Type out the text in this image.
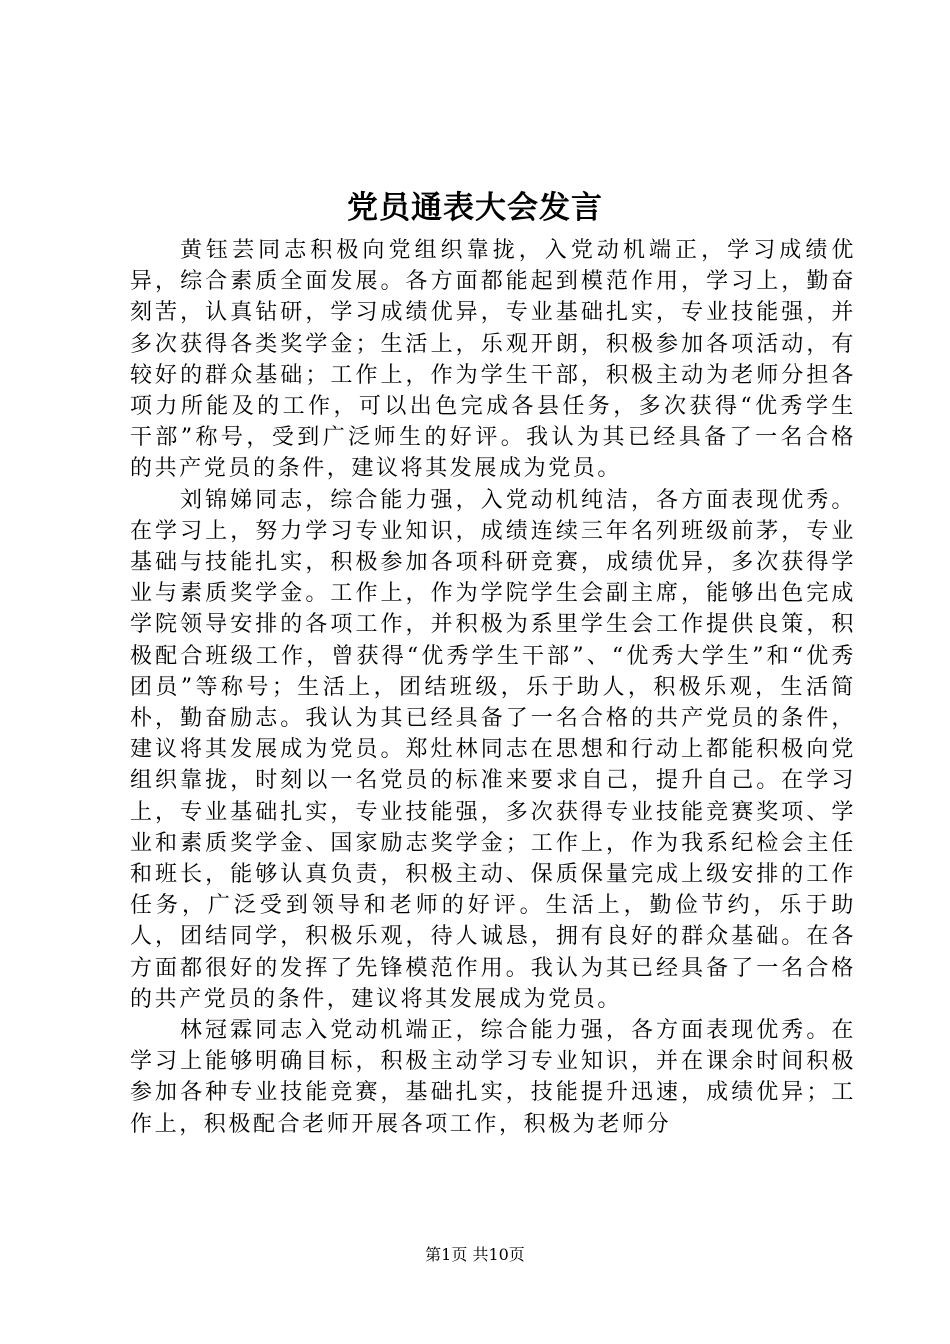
党员通表大会发言

黄钰芸同志积极向党组织靠拢，入党动机端正，学习成绩优异，综合素质全面发展。各方面都能起到模范作用，学习上，勤奋刻苦，认真钻研，学习成绩优异，专业基础扎实，专业技能强，并多次获得各类奖学金；生活上，乐观开朗，积极参加各项活动，有较好的群众基础；工作上，作为学生干部，积极主动为老师分担各项力所能及的工作，可以出色完成各县任务，多次获得“优秀学生干部”称号，受到广泛师生的好评。我认为其已经具备了一名合格的共产党员的条件，建议将其发展成为党员。

刘锦娣同志，综合能力强，入党动机纯洁，各方面表现优秀。在学习上，努力学习专业知识，成绩连续三年名列班级前茅，专业基础与技能扎实，积极参加各项科研竞赛，成绩优异，多次获得学业与素质奖学金。工作上，作为学院学生会副主席，能够出色完成学院领导安排的各项工作，并积极为系里学生会工作提供良策，积极配合班级工作，曾获得“优秀学生干部”、“优秀大学生”和“优秀团员”等称号；生活上，团结班级，乐于助人，积极乐观，生活简朴，勤奋励志。我认为其已经具备了一名合格的共产党员的条件，建议将其发展成为党员。郑灶林同志在思想和行动上都能积极向党组织靠拢，时刻以一名党员的标准来要求自己，提升自己。在学习上，专业基础扎实，专业技能强，多次获得专业技能竞赛奖项、学业和素质奖学金、国家励志奖学金；工作上，作为我系纪检会主任和班长，能够认真负责，积极主动、保质保量完成上级安排的工作任务，广泛受到领导和老师的好评。生活上，勤俭节约，乐于助人，团结同学，积极乐观，待人诚恳，拥有良好的群众基础。在各方面都很好的发挥了先锋模范作用。我认为其已经具备了一名合格的共产党员的条件，建议将其发展成为党员。

林冠霖同志入党动机端正，综合能力强，各方面表现优秀。在学习上能够明确目标，积极主动学习专业知识，并在课余时间积极参加各种专业技能竞赛，基础扎实，技能提升迅速，成绩优异；工作上，积极配合老师开展各项工作，积极为老师分

第1页 共10页
